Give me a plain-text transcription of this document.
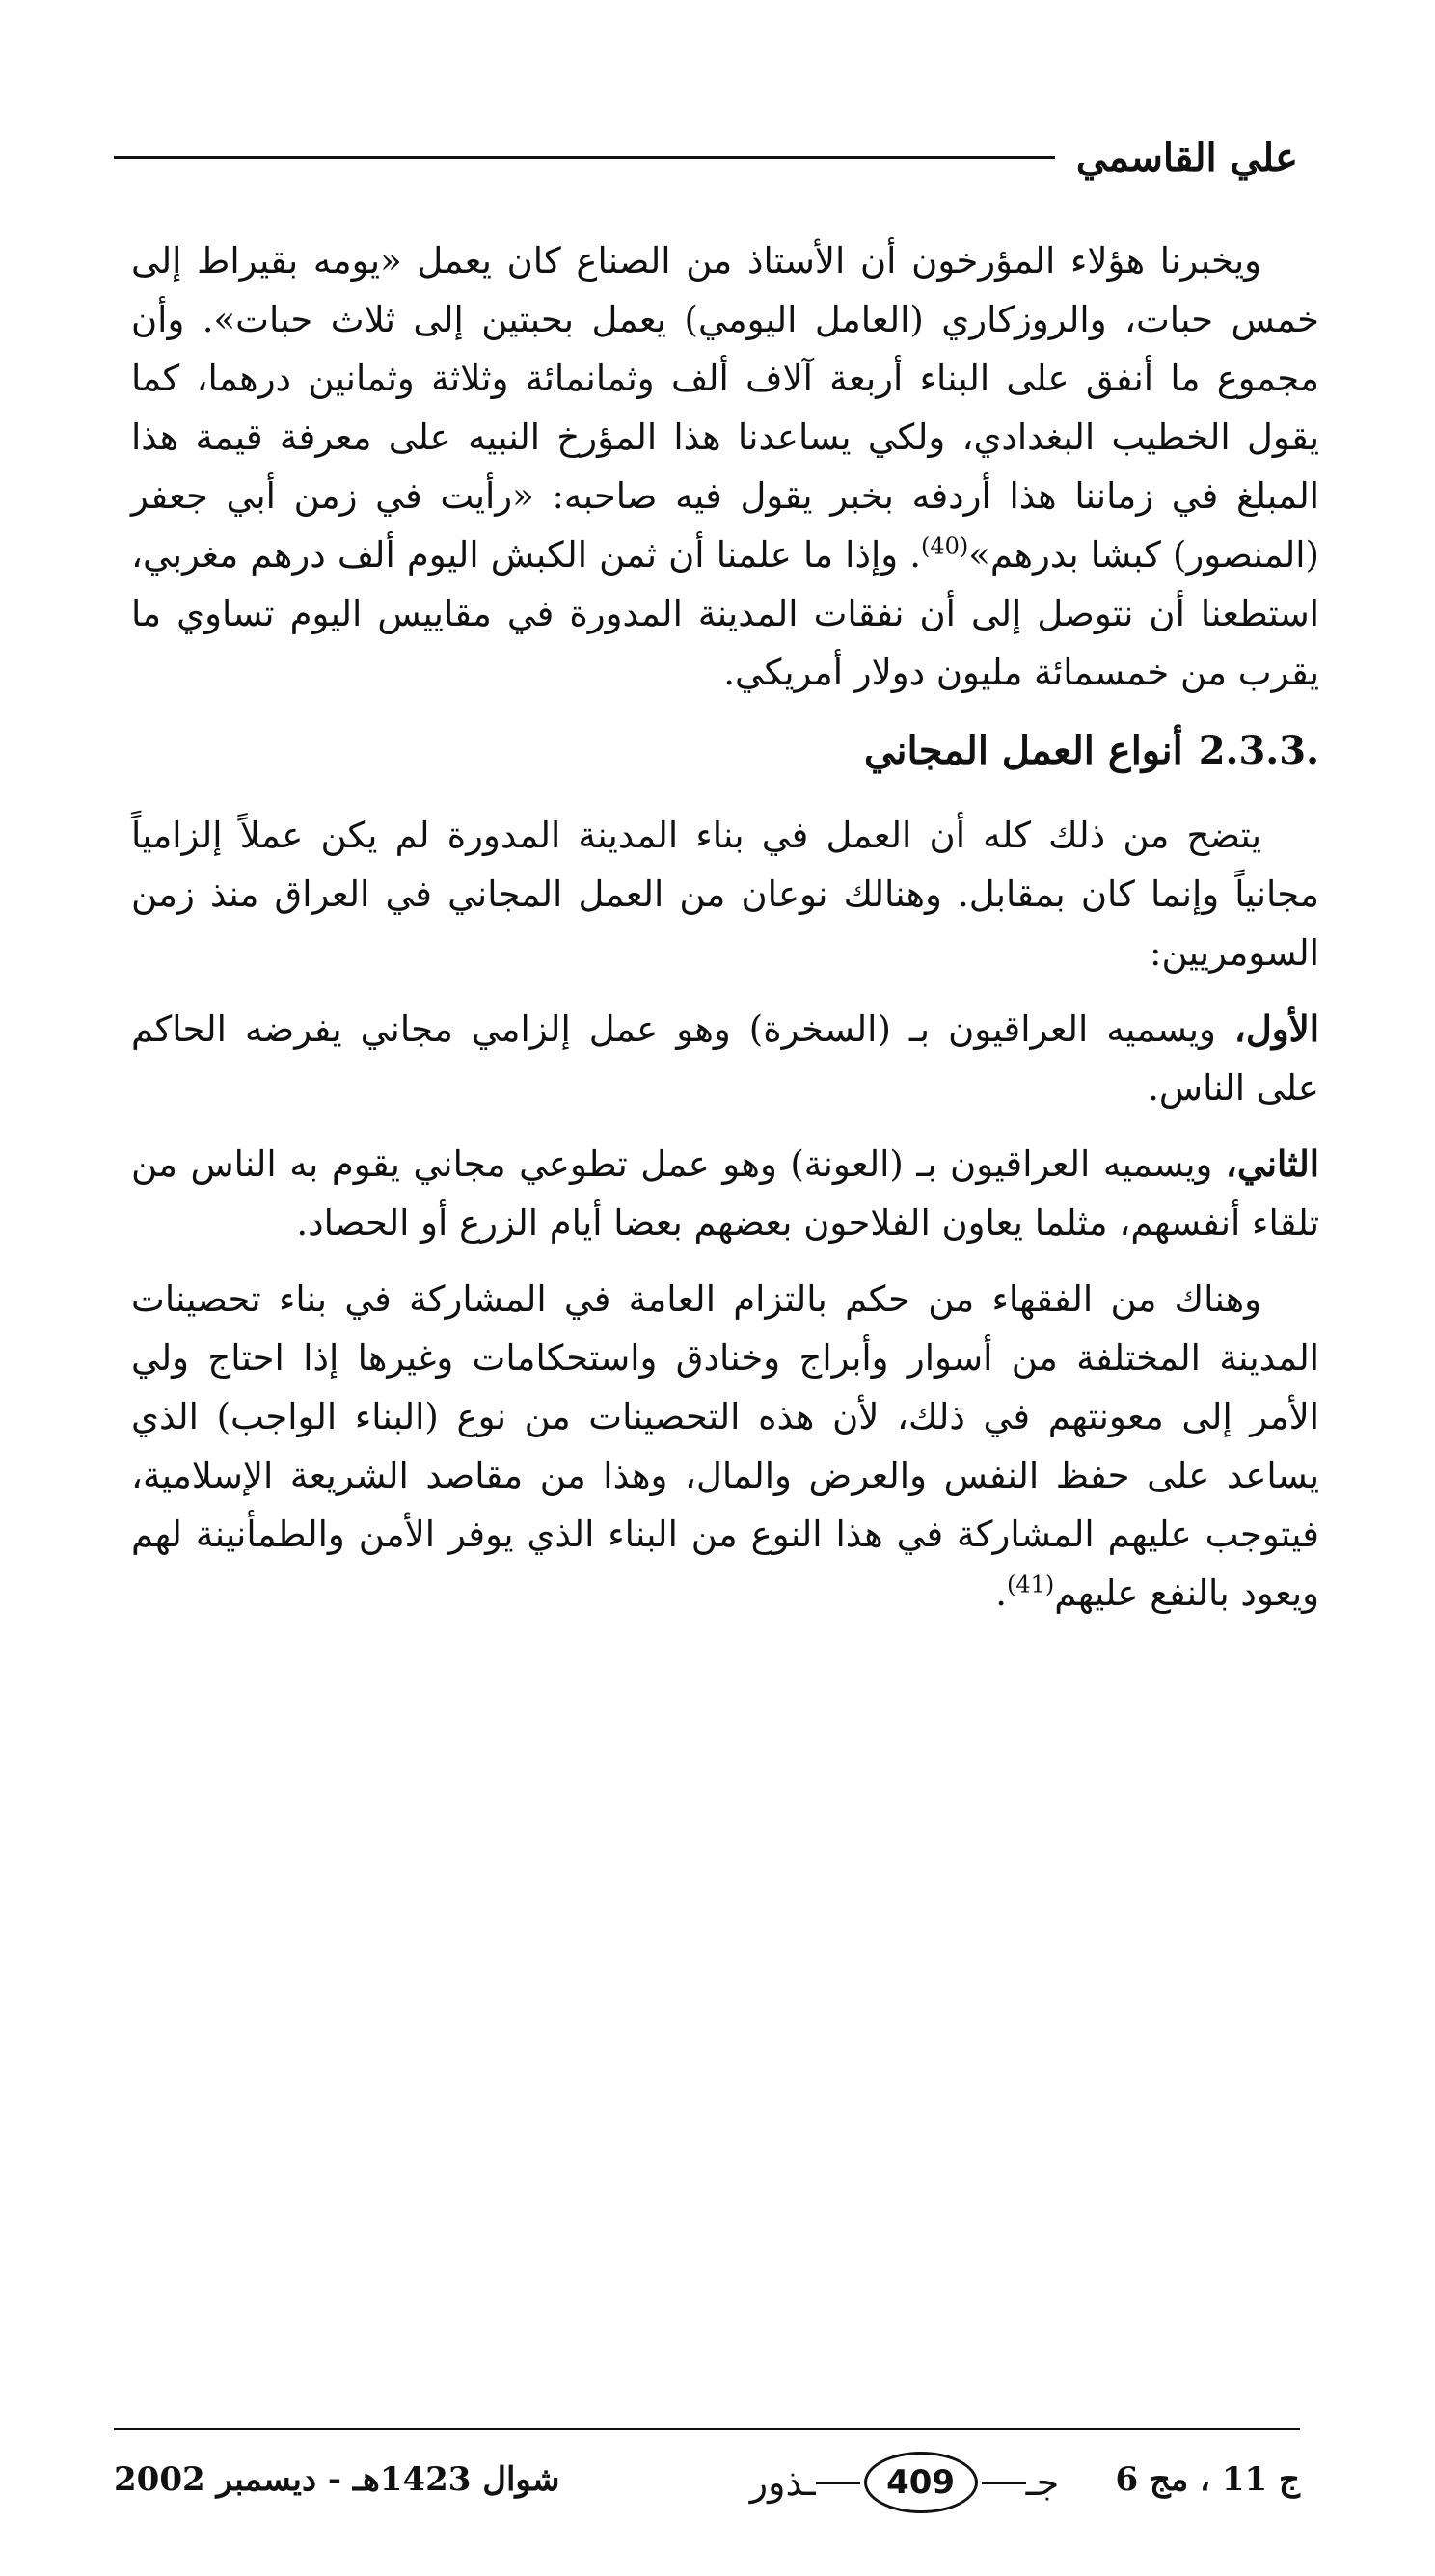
علي القاسمي

ويخبرنا هؤلاء المؤرخون أن الأستاذ من الصناع كان يعمل «يومه بقيراط إلى خمس حبات، والروزكاري (العامل اليومي) يعمل بحبتين إلى ثلاث حبات». وأن مجموع ما أنفق على البناء أربعة آلاف ألف وثمانمائة وثلاثة وثمانين درهما، كما يقول الخطيب البغدادي، ولكي يساعدنا هذا المؤرخ النبيه على معرفة قيمة هذا المبلغ في زماننا هذا أردفه بخبر يقول فيه صاحبه: «رأيت في زمن أبي جعفر (المنصور) كبشا بدرهم»$^{(40)}$. وإذا ما علمنا أن ثمن الكبش اليوم ألف درهم مغربي، استطعنا أن نتوصل إلى أن نفقات المدينة المدورة في مقاييس اليوم تساوي ما يقرب من خمسمائة مليون دولار أمريكي.

2.3.3.أنواع العمل المجاني

يتضح من ذلك كله أن العمل في بناء المدينة المدورة لم يكن عملاً إلزامياً مجانياً وإنما كان بمقابل. وهنالك نوعان من العمل المجاني في العراق منذ زمن السومريين:

الأول، ويسميه العراقيون بـ (السخرة) وهو عمل إلزامي مجاني يفرضه الحاكم على الناس.

الثاني، ويسميه العراقيون بـ (العونة) وهو عمل تطوعي مجاني يقوم به الناس من تلقاء أنفسهم، مثلما يعاون الفلاحون بعضهم بعضا أيام الزرع أو الحصاد.

وهناك من الفقهاء من حكم بالتزام العامة في المشاركة في بناء تحصينات المدينة المختلفة من أسوار وأبراج وخنادق واستحكامات وغيرها إذا احتاج ولي الأمر إلى معونتهم في ذلك، لأن هذه التحصينات من نوع (البناء الواجب) الذي يساعد على حفظ النفس والعرض والمال، وهذا من مقاصد الشريعة الإسلامية، فيتوجب عليهم المشاركة في هذا النوع من البناء الذي يوفر الأمن والطمأنينة لهم ويعود بالنفع عليهم$^{(41)}$.

ج 11 ، مج 6
ـذور	409	جـ
شوال 1423هـ - ديسمبر 2002
